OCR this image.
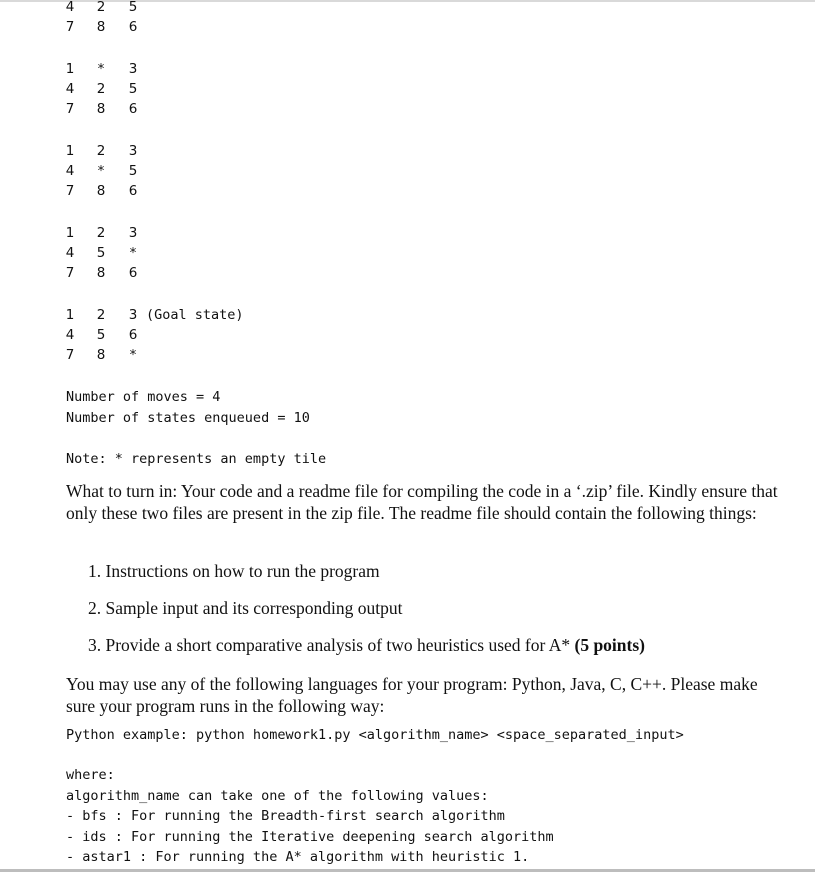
4 2 5
7 8 6
1 * 3
4 2 5
7 8 6
1 2 3
4 * 5
7 8 6
1 2 3
4 5 *
7 8 6
1 2 3 (Goal state)
4 5 6
7 8 *
Number of moves = 4
Number of states enqueued = 10
Note: * represents an empty tile
What to turn in: Your code and a readme file for compiling the code in a ‘.zip’ file. Kindly ensure that only these two files are present in the zip file. The readme file should contain the following things:
1. Instructions on how to run the program
2. Sample input and its corresponding output
3. Provide a short comparative analysis of two heuristics used for A* (5 points)
You may use any of the following languages for your program: Python, Java, C, C++. Please make sure your program runs in the following way:
Python example: python homework1.py <algorithm_name> <space_separated_input>
where:
algorithm_name can take one of the following values:
- bfs : For running the Breadth-first search algorithm
- ids : For running the Iterative deepening search algorithm
- astar1 : For running the A* algorithm with heuristic 1.
